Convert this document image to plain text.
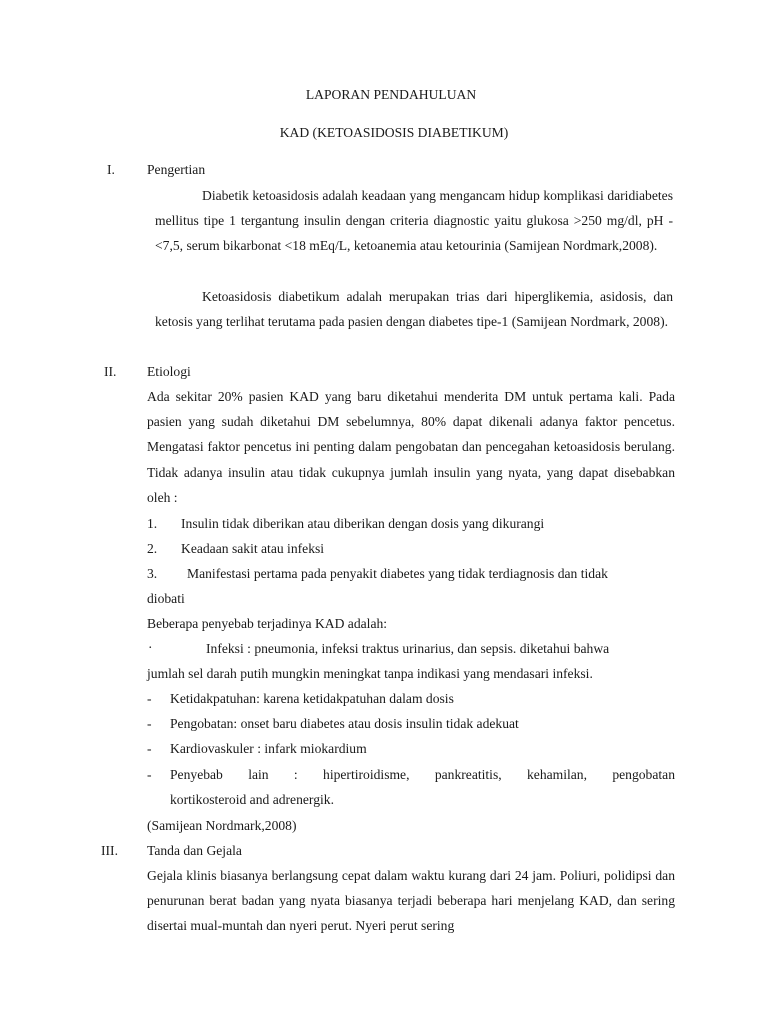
LAPORAN PENDAHULUAN
KAD (KETOASIDOSIS DIABETIKUM)
I. Pengertian

Diabetik ketoasidosis adalah keadaan yang mengancam hidup komplikasi daridiabetes mellitus tipe 1 tergantung insulin dengan criteria diagnostic yaitu glukosa >250 mg/dl, pH -<7,5, serum bikarbonat <18 mEq/L, ketoanemia atau ketourinia (Samijean Nordmark,2008).

Ketoasidosis diabetikum adalah merupakan trias dari hiperglikemia, asidosis, dan ketosis yang terlihat terutama pada pasien dengan diabetes tipe-1 (Samijean Nordmark, 2008).

II. Etiologi

Ada sekitar 20% pasien KAD yang baru diketahui menderita DM untuk pertama kali. Pada pasien yang sudah diketahui DM sebelumnya, 80% dapat dikenali adanya faktor pencetus. Mengatasi faktor pencetus ini penting dalam pengobatan dan pencegahan ketoasidosis berulang. Tidak adanya insulin atau tidak cukupnya jumlah insulin yang nyata, yang dapat disebabkan oleh :

1. Insulin tidak diberikan atau diberikan dengan dosis yang dikurangi
2. Keadaan sakit atau infeksi
3. Manifestasi pertama pada penyakit diabetes yang tidak terdiagnosis dan tidak
diobati
Beberapa penyebab terjadinya KAD adalah:
·	Infeksi : pneumonia, infeksi traktus urinarius, dan sepsis. diketahui bahwa
jumlah sel darah putih mungkin meningkat tanpa indikasi yang mendasari infeksi.
- Ketidakpatuhan: karena ketidakpatuhan dalam dosis
- Pengobatan: onset baru diabetes atau dosis insulin tidak adekuat
- Kardiovaskuler : infark miokardium
- Penyebab lain : hipertiroidisme, pankreatitis, kehamilan, pengobatan
kortikosteroid and adrenergik.
(Samijean Nordmark,2008)
III. Tanda dan Gejala

Gejala klinis biasanya berlangsung cepat dalam waktu kurang dari 24 jam. Poliuri, polidipsi dan penurunan berat badan yang nyata biasanya terjadi beberapa hari menjelang KAD, dan sering disertai mual-muntah dan nyeri perut. Nyeri perut sering
